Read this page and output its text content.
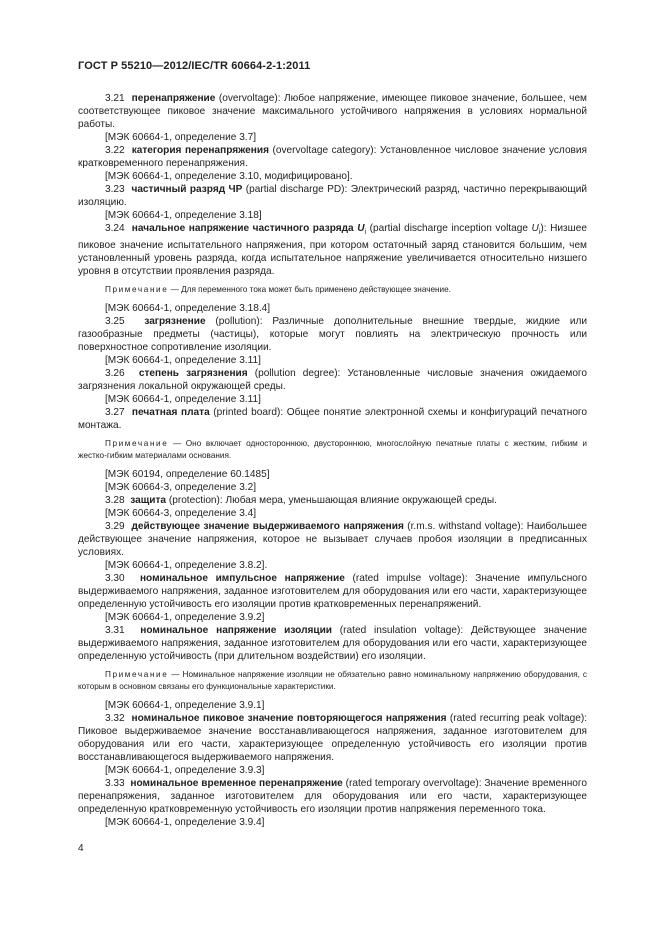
ГОСТ Р 55210—2012/IEC/TR 60664-2-1:2011

3.21 перенапряжение (overvoltage): Любое напряжение, имеющее пиковое значение, большее, чем соответствующее пиковое значение максимального устойчивого напряжения в условиях нормальной работы.

[МЭК 60664-1, определение 3.7]

3.22 категория перенапряжения (overvoltage category): Установленное числовое значение условия кратковременного перенапряжения.

[МЭК 60664-1, определение 3.10, модифицировано].

3.23 частичный разряд ЧР (partial discharge PD): Электрический разряд, частично перекрывающий изоляцию.

[МЭК 60664-1, определение 3.18]

3.24 начальное напряжение частичного разряда $U_i$ (partial discharge inception voltage $U_i$): Низшее пиковое значение испытательного напряжения, при котором остаточный заряд становится большим, чем установленный уровень разряда, когда испытательное напряжение увеличивается относительно низшего уровня в отсутствии проявления разряда.

Примечание — Для переменного тока может быть применено действующее значение.

[МЭК 60664-1, определение 3.18.4]

3.25 загрязнение (pollution): Различные дополнительные внешние твердые, жидкие или газообразные предметы (частицы), которые могут повлиять на электрическую прочность или поверхностное сопротивление изоляции.

[МЭК 60664-1, определение 3.11]

3.26 степень загрязнения (pollution degree): Установленные числовые значения ожидаемого загрязнения локальной окружающей среды.

[МЭК 60664-1, определение 3.11]

3.27 печатная плата (printed board): Общее понятие электронной схемы и конфигураций печатного монтажа.

Примечание — Оно включает одностороннюю, двустороннюю, многослойную печатные платы с жестким, гибким и жестко-гибким материалами основания.

[МЭК 60194, определение 60.1485]

[МЭК 60664-3, определение 3.2]

3.28 защита (protection): Любая мера, уменьшающая влияние окружающей среды.

[МЭК 60664-3, определение 3.4]

3.29 действующее значение выдерживаемого напряжения (r.m.s. withstand voltage): Наибольшее действующее значение напряжения, которое не вызывает случаев пробоя изоляции в предписанных условиях.

[МЭК 60664-1, определение 3.8.2].

3.30 номинальное импульсное напряжение (rated impulse voltage): Значение импульсного выдерживаемого напряжения, заданное изготовителем для оборудования или его части, характеризующее определенную устойчивость его изоляции против кратковременных перенапряжений.

[МЭК 60664-1, определение 3.9.2]

3.31 номинальное напряжение изоляции (rated insulation voltage): Действующее значение выдерживаемого напряжения, заданное изготовителем для оборудования или его части, характеризующее определенную устойчивость (при длительном воздействии) его изоляции.

Примечание — Номинальное напряжение изоляции не обязательно равно номинальному напряжению оборудования, с которым в основном связаны его функциональные характеристики.

[МЭК 60664-1, определение 3.9.1]

3.32 номинальное пиковое значение повторяющегося напряжения (rated recurring peak voltage): Пиковое выдерживаемое значение восстанавливающегося напряжения, заданное изготовителем для оборудования или его части, характеризующее определенную устойчивость его изоляции против восстанавливающегося выдерживаемого напряжения.

[МЭК 60664-1, определение 3.9.3]

3.33 номинальное временное перенапряжение (rated temporary overvoltage): Значение временного перенапряжения, заданное изготовителем для оборудования или его части, характеризующее определенную кратковременную устойчивость его изоляции против напряжения переменного тока.

[МЭК 60664-1, определение 3.9.4]

4
